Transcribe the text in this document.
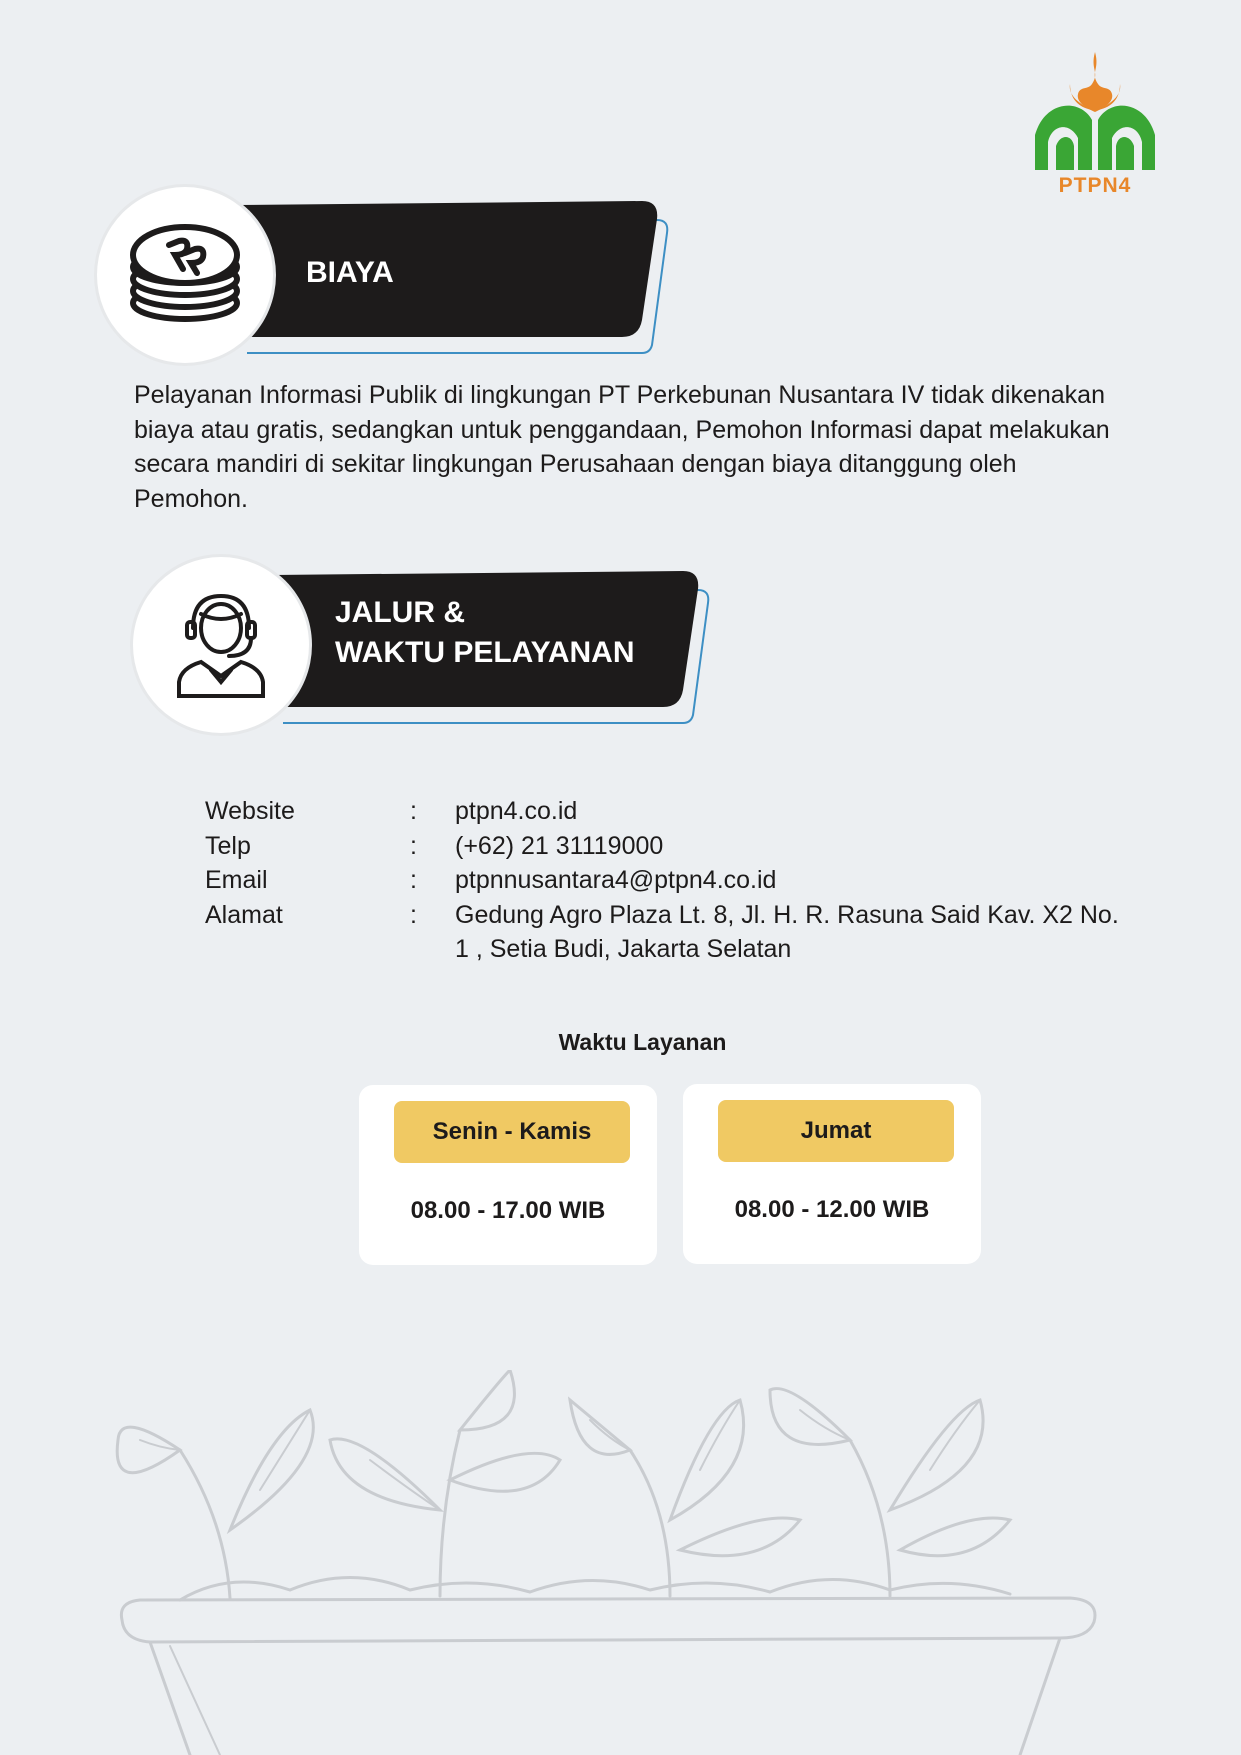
PTPN4
BIAYA
Pelayanan Informasi Publik di lingkungan PT Perkebunan Nusantara IV tidak dikenakan biaya atau gratis, sedangkan untuk penggandaan, Pemohon Informasi dapat melakukan secara mandiri di sekitar lingkungan Perusahaan dengan biaya ditanggung oleh Pemohon.
JALUR &
WAKTU PELAYANAN
Website	:	ptpn4.co.id
Telp	:	(+62) 21 31119000
Email	:	ptpnnusantara4@ptpn4.co.id
Alamat	:	Gedung Agro Plaza Lt. 8, Jl. H. R. Rasuna Said Kav. X2 No. 1 , Setia Budi, Jakarta Selatan
Waktu Layanan
Senin - Kamis
08.00 - 17.00 WIB
Jumat
08.00 - 12.00 WIB
